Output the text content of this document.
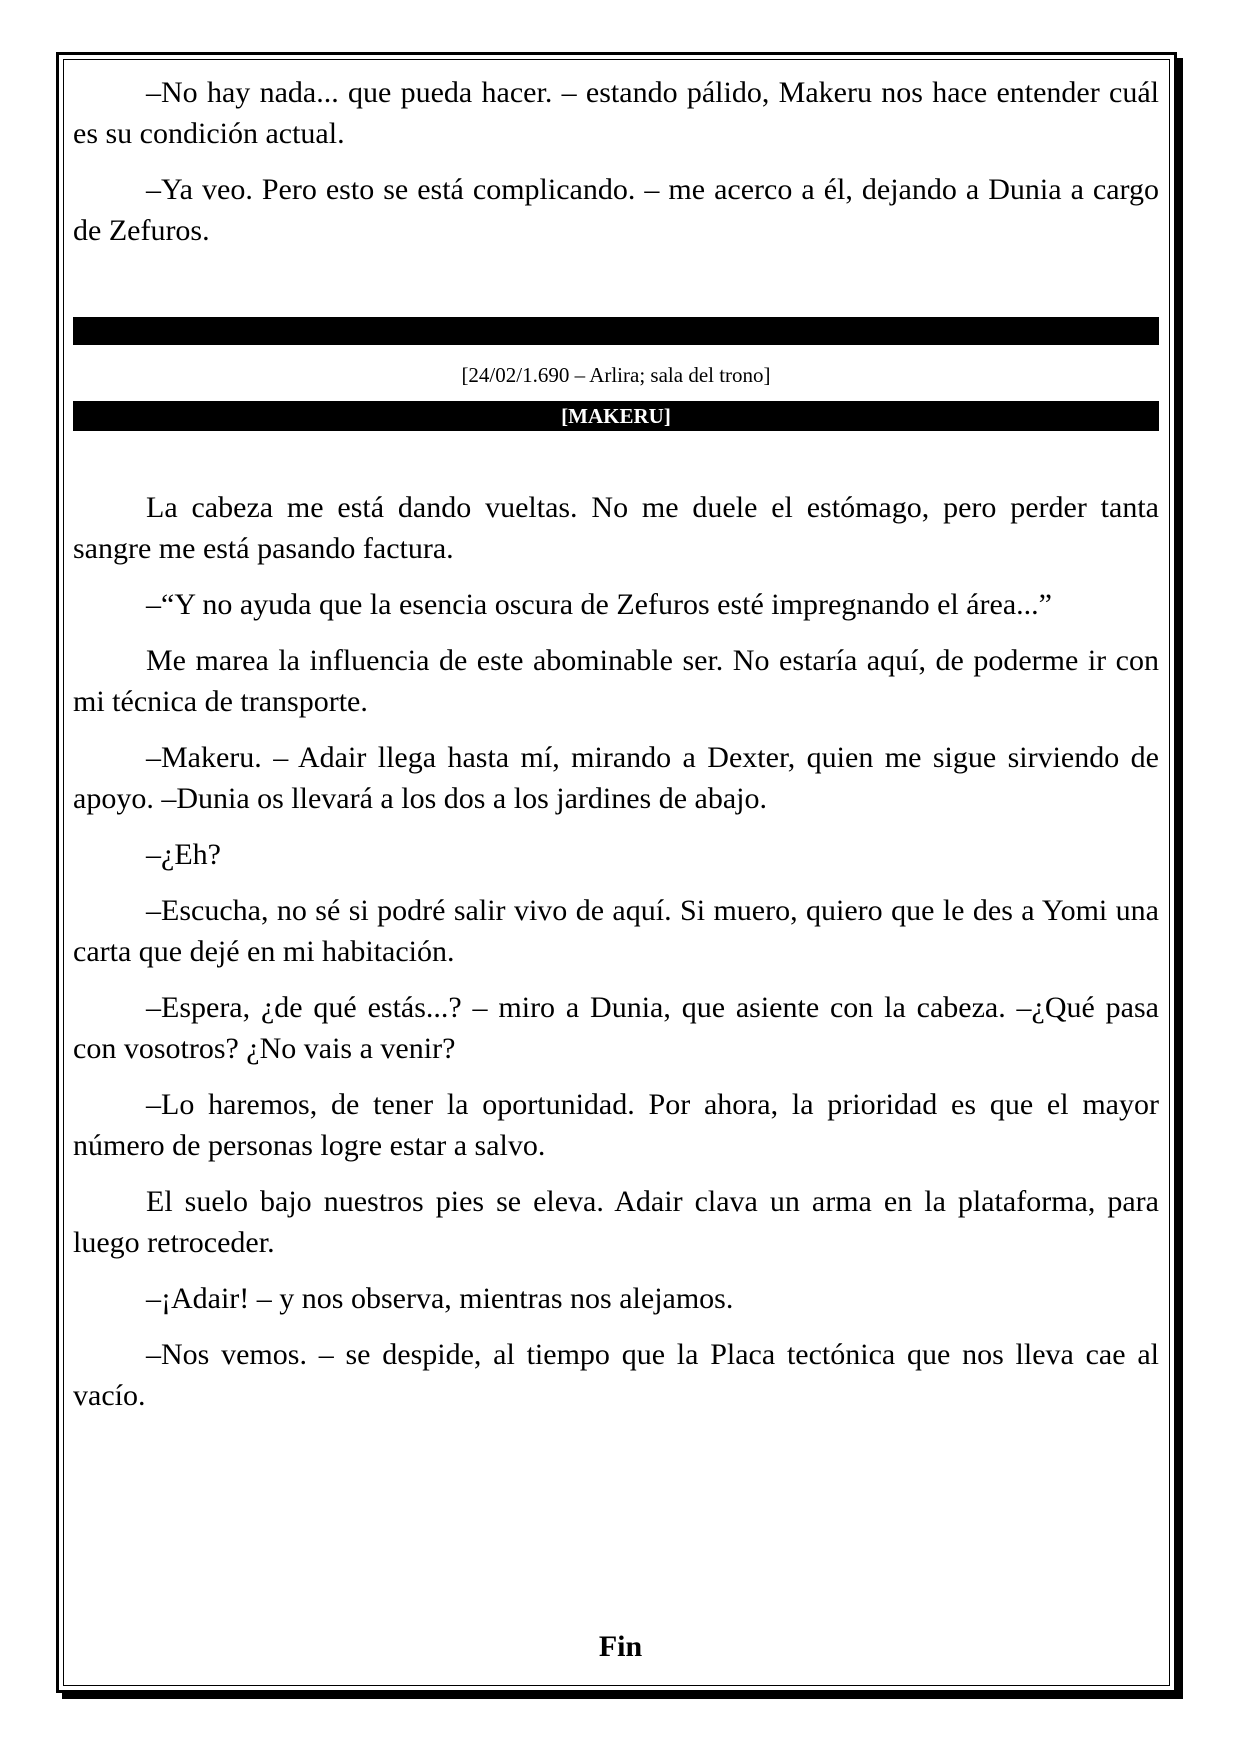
–No hay nada... que pueda hacer. – estando pálido, Makeru nos hace entender cuál es su condición actual.

–Ya veo. Pero esto se está complicando. – me acerco a él, dejando a Dunia a cargo de Zefuros.

[24/02/1.690 – Arlira; sala del trono]
[MAKERU]

La cabeza me está dando vueltas. No me duele el estómago, pero perder tanta sangre me está pasando factura.

–“Y no ayuda que la esencia oscura de Zefuros esté impregnando el área...”

Me marea la influencia de este abominable ser. No estaría aquí, de poderme ir con mi técnica de transporte.

–Makeru. – Adair llega hasta mí, mirando a Dexter, quien me sigue sirviendo de apoyo. –Dunia os llevará a los dos a los jardines de abajo.

–¿Eh?

–Escucha, no sé si podré salir vivo de aquí. Si muero, quiero que le des a Yomi una carta que dejé en mi habitación.

–Espera, ¿de qué estás...? – miro a Dunia, que asiente con la cabeza. –¿Qué pasa con vosotros? ¿No vais a venir?

–Lo haremos, de tener la oportunidad. Por ahora, la prioridad es que el mayor número de personas logre estar a salvo.

El suelo bajo nuestros pies se eleva. Adair clava un arma en la plataforma, para luego retroceder.

–¡Adair! – y nos observa, mientras nos alejamos.

–Nos vemos. – se despide, al tiempo que la Placa tectónica que nos lleva cae al vacío.

Fin
